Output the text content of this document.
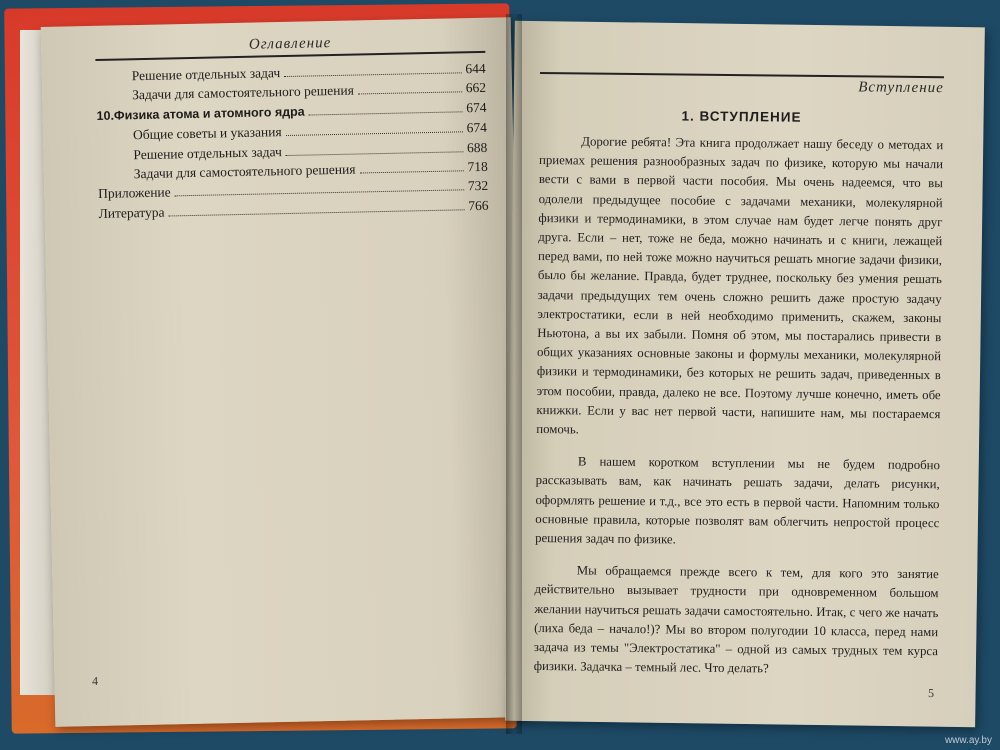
Оглавление
Решение отдельных задач	644
Задачи для самостоятельного решения	662
10.Физика атома и атомного ядра	674
Общие советы и указания	674
Решение отдельных задач	688
Задачи для самостоятельного решения	718
Приложение	732
Литература	766
4
Вступление
1. ВСТУПЛЕНИЕ

Дорогие ребята! Эта книга продолжает нашу беседу о методах и приемах решения разнообразных задач по физике, которую мы начали вести с вами в первой части пособия. Мы очень надеемся, что вы одолели предыдущее пособие с задачами механики, молекулярной физики и термодинамики, в этом случае нам будет легче понять друг друга. Если – нет, тоже не беда, можно начинать и с книги, лежащей перед вами, по ней тоже можно научиться решать многие задачи физики, было бы желание. Правда, будет труднее, поскольку без умения решать задачи предыдущих тем очень сложно решить даже простую задачу электростатики, если в ней необходимо применить, скажем, законы Ньютона, а вы их забыли. Помня об этом, мы постарались привести в общих указаниях основные законы и формулы механики, молекулярной физики и термодинамики, без которых не решить задач, приведенных в этом пособии, правда, далеко не все. Поэтому лучше конечно, иметь обе книжки. Если у вас нет первой части, напишите нам, мы постараемся помочь.

В нашем коротком вступлении мы не будем подробно рассказывать вам, как начинать решать задачи, делать рисунки, оформлять решение и т.д., все это есть в первой части. Напомним только основные правила, которые позволят вам облегчить непростой процесс решения задач по физике.

Мы обращаемся прежде всего к тем, для кого это занятие действительно вызывает трудности при одновременном большом желании научиться решать задачи самостоятельно. Итак, с чего же начать (лиха беда – начало!)? Мы во втором полугодии 10 класса, перед нами задача из темы "Электростатика" – одной из самых трудных тем курса физики. Задачка – темный лес. Что делать?

5
www.ay.by
